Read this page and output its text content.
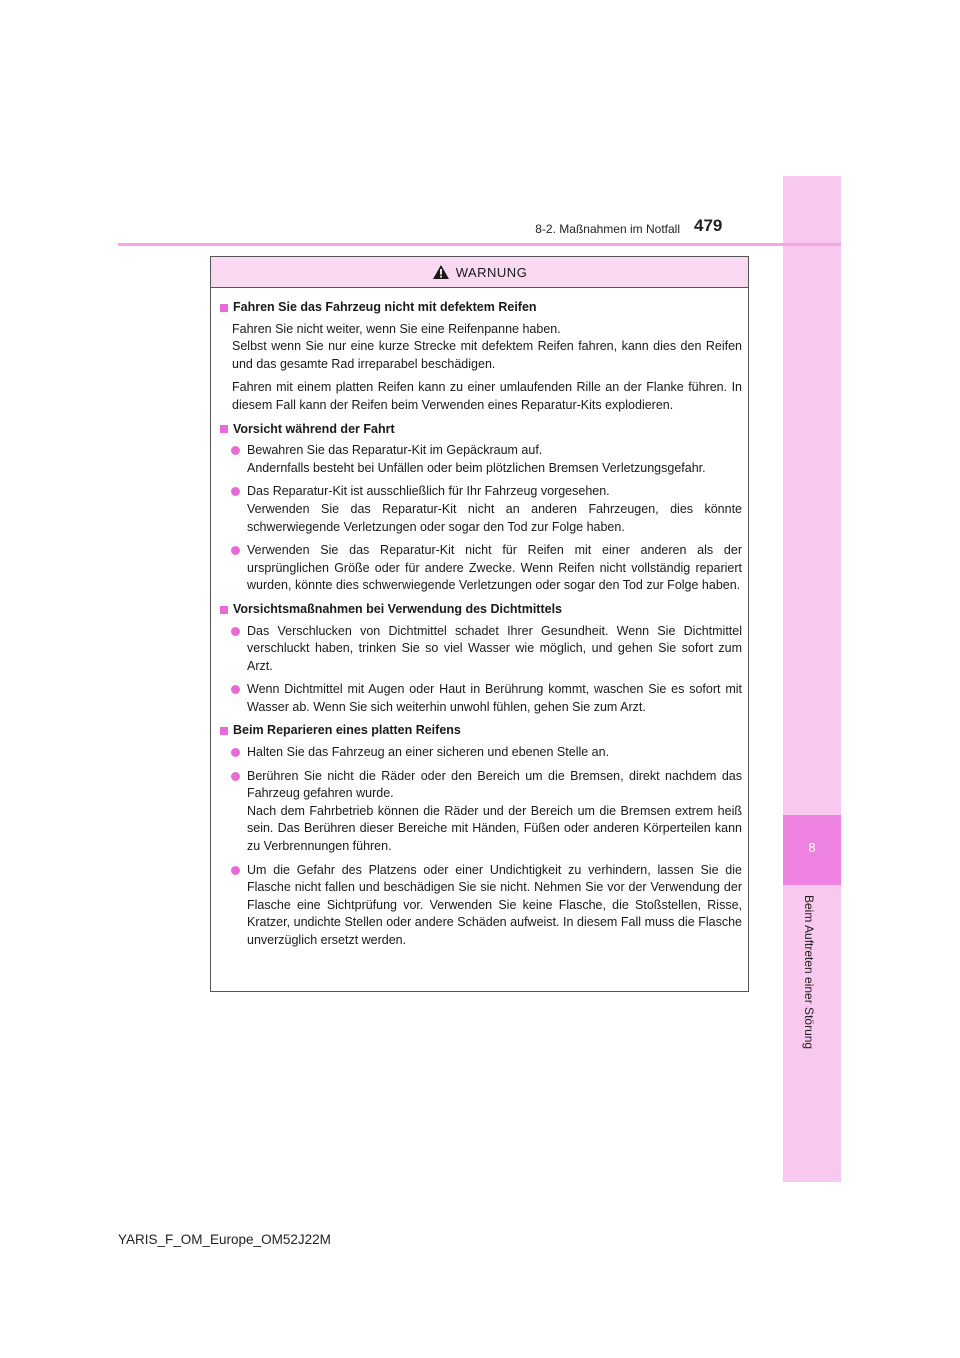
8
Beim Auftreten einer Störung
8-2. Maßnahmen im Notfall 479
WARNUNG
Fahren Sie das Fahrzeug nicht mit defektem Reifen
Fahren Sie nicht weiter, wenn Sie eine Reifenpanne haben.
Selbst wenn Sie nur eine kurze Strecke mit defektem Reifen fahren, kann dies den Reifen und das gesamte Rad irreparabel beschädigen.
Fahren mit einem platten Reifen kann zu einer umlaufenden Rille an der Flanke führen. In diesem Fall kann der Reifen beim Verwenden eines Reparatur-Kits explodieren.
Vorsicht während der Fahrt
Bewahren Sie das Reparatur-Kit im Gepäckraum auf.
Andernfalls besteht bei Unfällen oder beim plötzlichen Bremsen Verletzungsgefahr.
Das Reparatur-Kit ist ausschließlich für Ihr Fahrzeug vorgesehen.
Verwenden Sie das Reparatur-Kit nicht an anderen Fahrzeugen, dies könnte schwerwiegende Verletzungen oder sogar den Tod zur Folge haben.
Verwenden Sie das Reparatur-Kit nicht für Reifen mit einer anderen als der ursprünglichen Größe oder für andere Zwecke. Wenn Reifen nicht vollständig repariert wurden, könnte dies schwerwiegende Verletzungen oder sogar den Tod zur Folge haben.
Vorsichtsmaßnahmen bei Verwendung des Dichtmittels
Das Verschlucken von Dichtmittel schadet Ihrer Gesundheit. Wenn Sie Dichtmittel verschluckt haben, trinken Sie so viel Wasser wie möglich, und gehen Sie sofort zum Arzt.
Wenn Dichtmittel mit Augen oder Haut in Berührung kommt, waschen Sie es sofort mit Wasser ab. Wenn Sie sich weiterhin unwohl fühlen, gehen Sie zum Arzt.
Beim Reparieren eines platten Reifens
Halten Sie das Fahrzeug an einer sicheren und ebenen Stelle an.
Berühren Sie nicht die Räder oder den Bereich um die Bremsen, direkt nachdem das Fahrzeug gefahren wurde.
Nach dem Fahrbetrieb können die Räder und der Bereich um die Bremsen extrem heiß sein. Das Berühren dieser Bereiche mit Händen, Füßen oder anderen Körperteilen kann zu Verbrennungen führen.
Um die Gefahr des Platzens oder einer Undichtigkeit zu verhindern, lassen Sie die Flasche nicht fallen und beschädigen Sie sie nicht. Nehmen Sie vor der Verwendung der Flasche eine Sichtprüfung vor. Verwenden Sie keine Flasche, die Stoßstellen, Risse, Kratzer, undichte Stellen oder andere Schäden aufweist. In diesem Fall muss die Flasche unverzüglich ersetzt werden.
YARIS_F_OM_Europe_OM52J22M
